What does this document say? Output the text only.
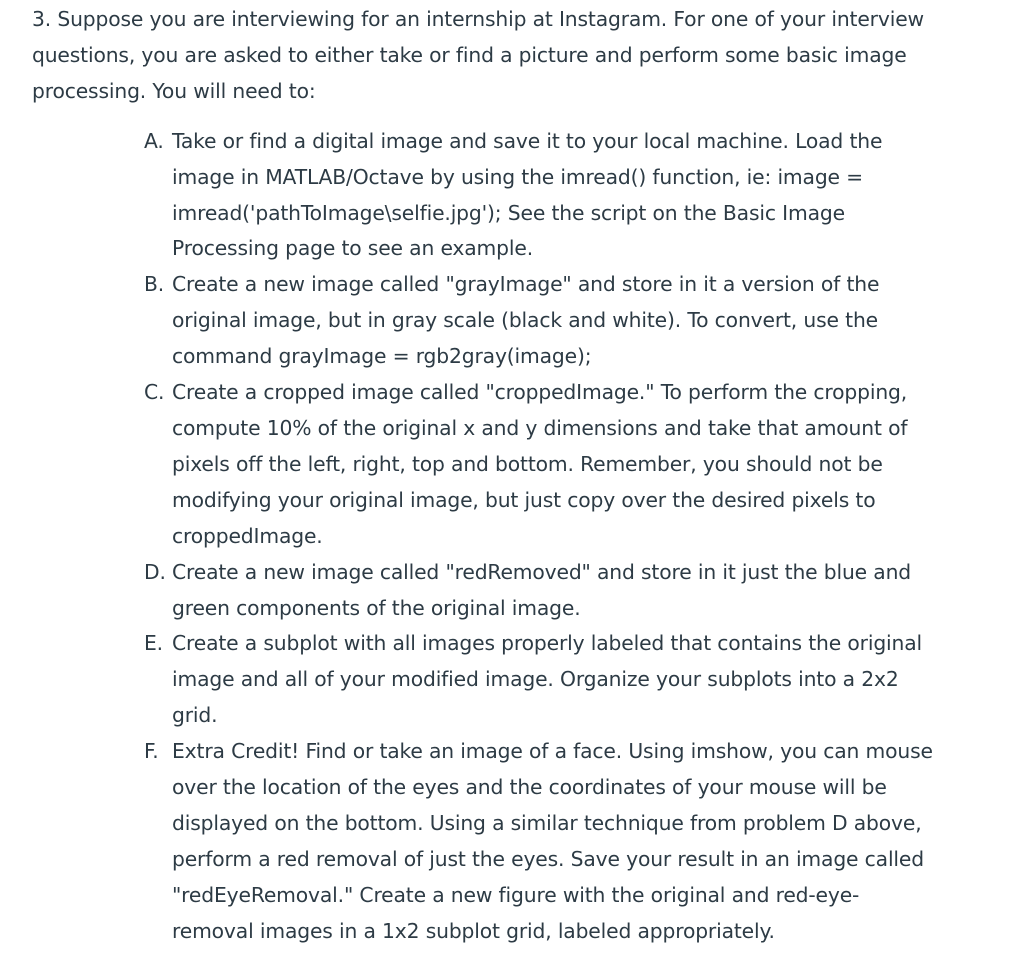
3. Suppose you are interviewing for an internship at Instagram. For one of your interview questions, you are asked to either take or find a picture and perform some basic image processing. You will need to:

A. Take or find a digital image and save it to your local machine. Load the image in MATLAB/Octave by using the imread() function, ie: image = imread('pathToImage\selfie.jpg'); See the script on the Basic Image Processing page to see an example.
B. Create a new image called "grayImage" and store in it a version of the original image, but in gray scale (black and white). To convert, use the command grayImage = rgb2gray(image);
C. Create a cropped image called "croppedImage." To perform the cropping, compute 10% of the original x and y dimensions and take that amount of pixels off the left, right, top and bottom. Remember, you should not be modifying your original image, but just copy over the desired pixels to croppedImage.
D. Create a new image called "redRemoved" and store in it just the blue and green components of the original image.
E. Create a subplot with all images properly labeled that contains the original image and all of your modified image. Organize your subplots into a 2x2 grid.
F. Extra Credit! Find or take an image of a face. Using imshow, you can mouse over the location of the eyes and the coordinates of your mouse will be displayed on the bottom. Using a similar technique from problem D above, perform a red removal of just the eyes. Save your result in an image called "redEyeRemoval." Create a new figure with the original and red-eye-removal images in a 1x2 subplot grid, labeled appropriately.
